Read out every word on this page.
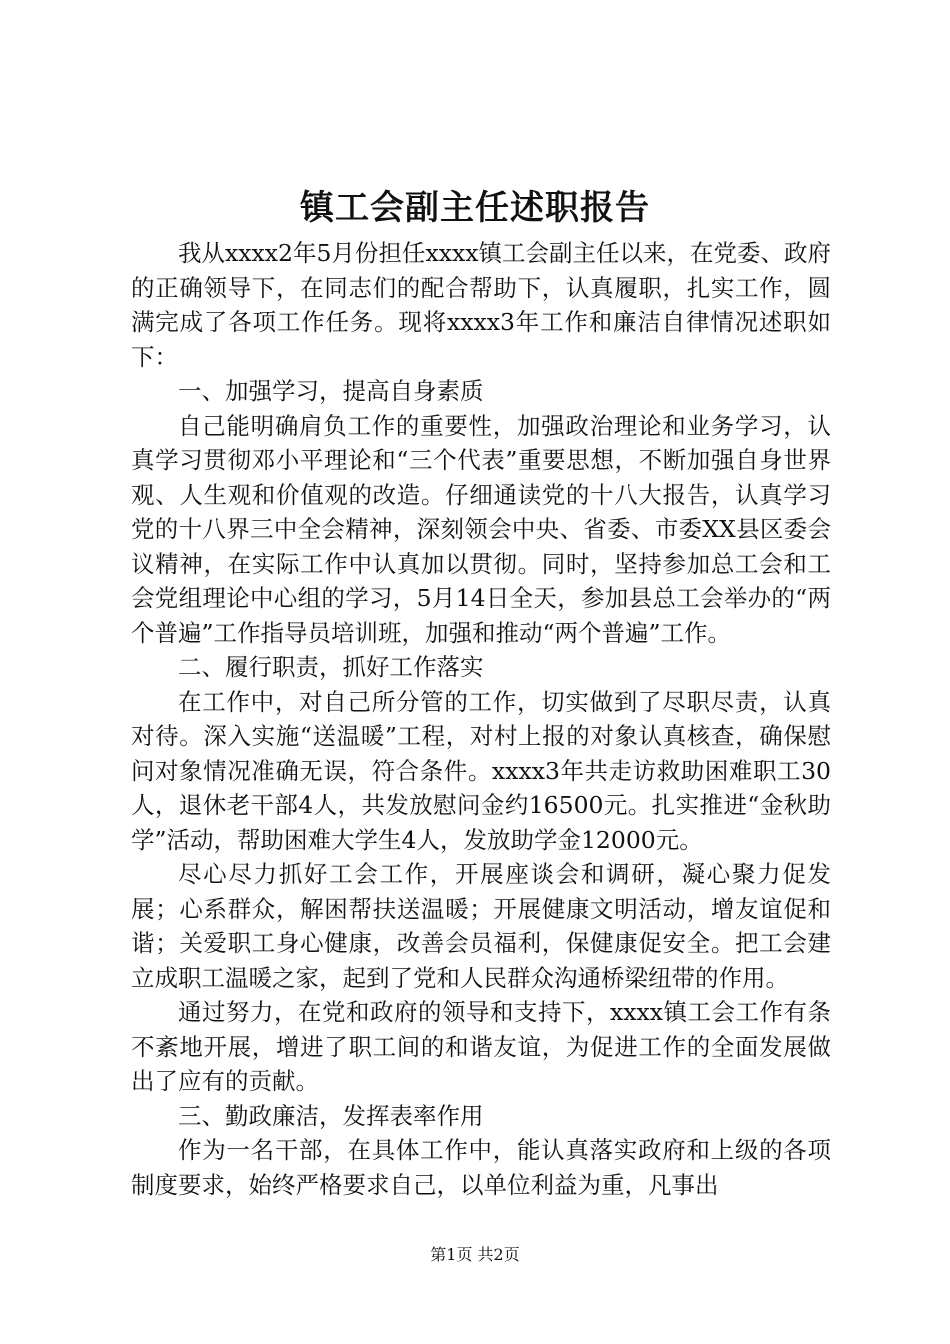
镇工会副主任述职报告

我从xxxx2年5月份担任xxxx镇工会副主任以来，在党委、政府的正确领导下，在同志们的配合帮助下，认真履职，扎实工作，圆满完成了各项工作任务。现将xxxx3年工作和廉洁自律情况述职如下：

一、加强学习，提高自身素质

自己能明确肩负工作的重要性，加强政治理论和业务学习，认真学习贯彻邓小平理论和“三个代表”重要思想，不断加强自身世界观、人生观和价值观的改造。仔细通读党的十八大报告，认真学习党的十八界三中全会精神，深刻领会中央、省委、市委XX县区委会议精神，在实际工作中认真加以贯彻。同时，坚持参加总工会和工会党组理论中心组的学习，5月14日全天，参加县总工会举办的“两个普遍”工作指导员培训班，加强和推动“两个普遍”工作。

二、履行职责，抓好工作落实

在工作中，对自己所分管的工作，切实做到了尽职尽责，认真对待。深入实施“送温暖”工程，对村上报的对象认真核查，确保慰问对象情况准确无误，符合条件。xxxx3年共走访救助困难职工30人，退休老干部4人，共发放慰问金约16500元。扎实推进“金秋助学”活动，帮助困难大学生4人，发放助学金12000元。

尽心尽力抓好工会工作，开展座谈会和调研，凝心聚力促发展；心系群众，解困帮扶送温暖；开展健康文明活动，增友谊促和谐；关爱职工身心健康，改善会员福利，保健康促安全。把工会建立成职工温暖之家，起到了党和人民群众沟通桥梁纽带的作用。

通过努力，在党和政府的领导和支持下，xxxx镇工会工作有条不紊地开展，增进了职工间的和谐友谊，为促进工作的全面发展做出了应有的贡献。

三、勤政廉洁，发挥表率作用

作为一名干部，在具体工作中，能认真落实政府和上级的各项制度要求，始终严格要求自己，以单位利益为重，凡事出

第1页 共2页
